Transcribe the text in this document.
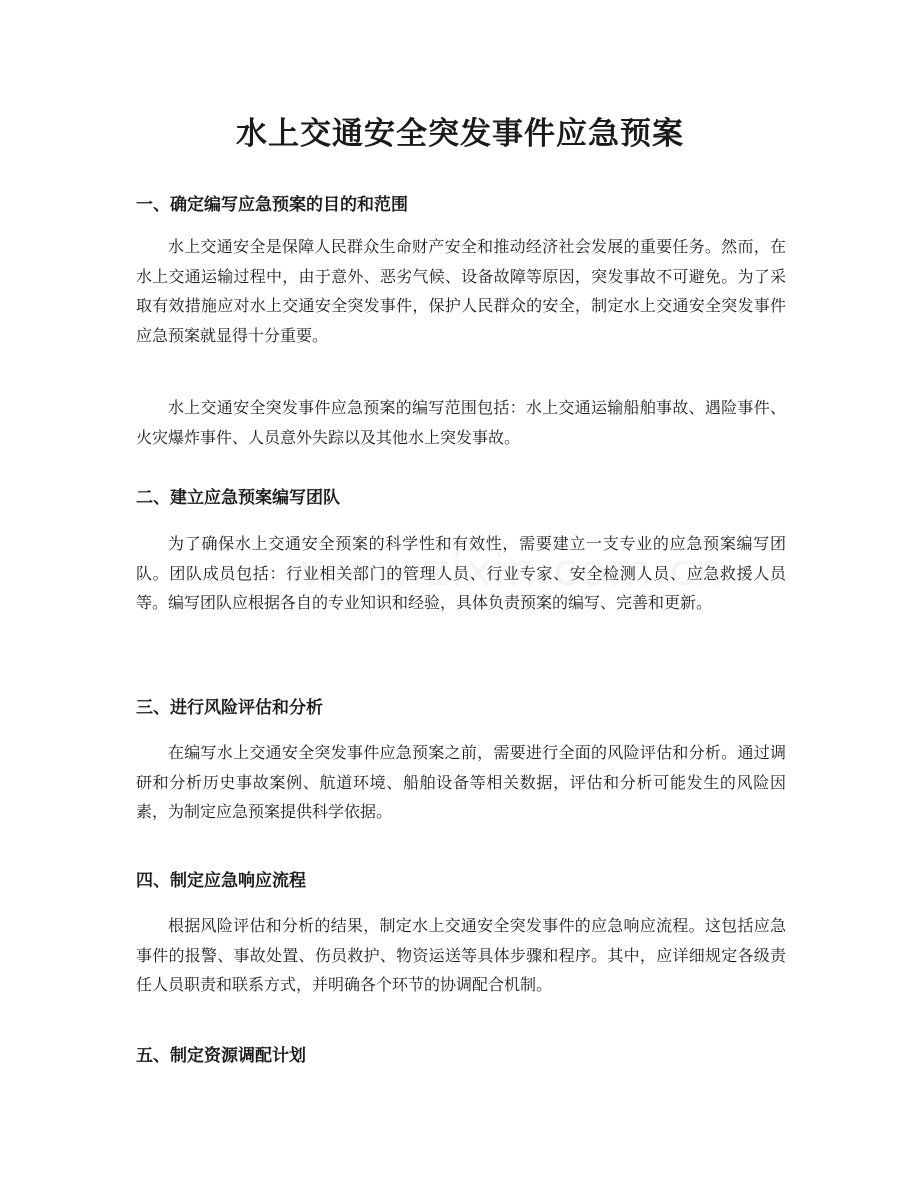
水上交通安全突发事件应急预案
一、确定编写应急预案的目的和范围

水上交通安全是保障人民群众生命财产安全和推动经济社会发展的重要任务。然而，在水上交通运输过程中，由于意外、恶劣气候、设备故障等原因，突发事故不可避免。为了采取有效措施应对水上交通安全突发事件，保护人民群众的安全，制定水上交通安全突发事件应急预案就显得十分重要。

水上交通安全突发事件应急预案的编写范围包括：水上交通运输船舶事故、遇险事件、火灾爆炸事件、人员意外失踪以及其他水上突发事故。

二、建立应急预案编写团队

为了确保水上交通安全预案的科学性和有效性，需要建立一支专业的应急预案编写团队。团队成员包括：行业相关部门的管理人员、行业专家、安全检测人员、应急救援人员等。编写团队应根据各自的专业知识和经验，具体负责预案的编写、完善和更新。

三、进行风险评估和分析

在编写水上交通安全突发事件应急预案之前，需要进行全面的风险评估和分析。通过调研和分析历史事故案例、航道环境、船舶设备等相关数据，评估和分析可能发生的风险因素，为制定应急预案提供科学依据。

四、制定应急响应流程

根据风险评估和分析的结果，制定水上交通安全突发事件的应急响应流程。这包括应急事件的报警、事故处置、伤员救护、物资运送等具体步骤和程序。其中，应详细规定各级责任人员职责和联系方式，并明确各个环节的协调配合机制。

五、制定资源调配计划
